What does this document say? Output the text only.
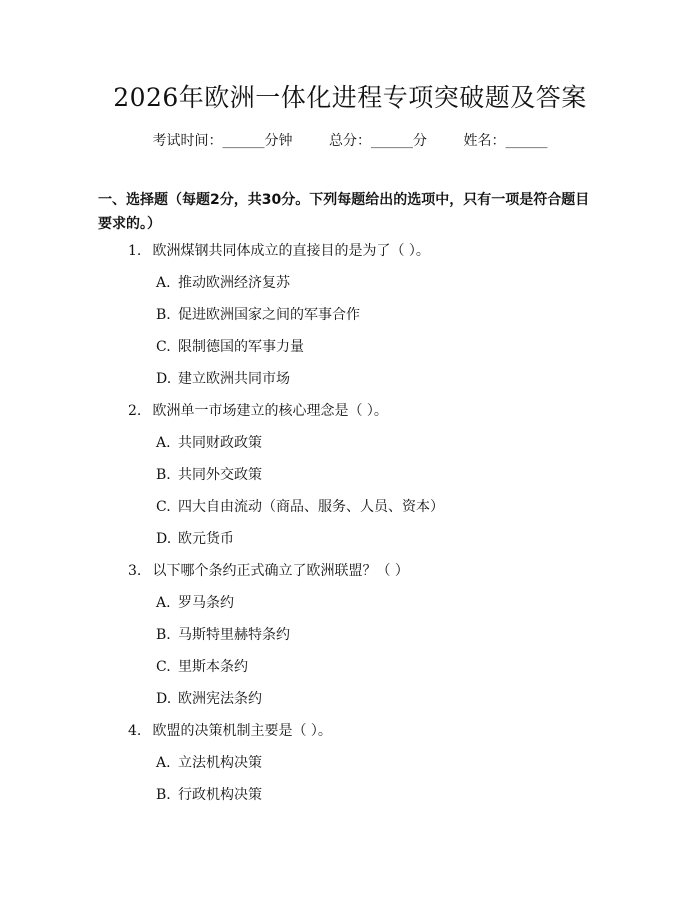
2026年欧洲一体化进程专项突破题及答案
考试时间：______分钟	总分：______分	姓名：______
一、选择题（每题2分，共30分。下列每题给出的选项中，只有一项是符合题目要求的。）
1. 欧洲煤钢共同体成立的直接目的是为了（ ）。
A. 推动欧洲经济复苏
B. 促进欧洲国家之间的军事合作
C. 限制德国的军事力量
D. 建立欧洲共同市场
2. 欧洲单一市场建立的核心理念是（ ）。
A. 共同财政政策
B. 共同外交政策
C. 四大自由流动（商品、服务、人员、资本）
D. 欧元货币
3. 以下哪个条约正式确立了欧洲联盟？（ ）
A. 罗马条约
B. 马斯特里赫特条约
C. 里斯本条约
D. 欧洲宪法条约
4. 欧盟的决策机制主要是（ ）。
A. 立法机构决策
B. 行政机构决策
